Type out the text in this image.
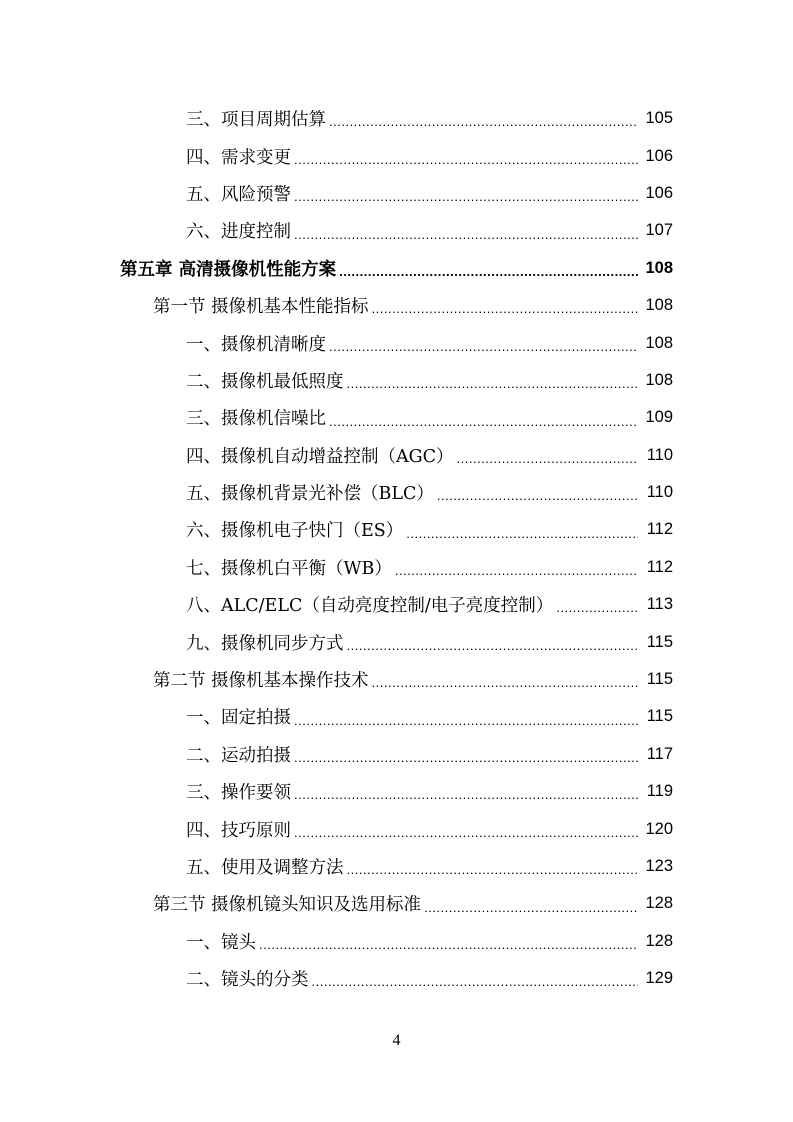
三、项目周期估算 .....	105
四、需求变更 .....	106
五、风险预警 .....	106
六、进度控制 .....	107
第五章 高清摄像机性能方案 .....	108
第一节 摄像机基本性能指标 .....	108
一、摄像机清晰度 .....	108
二、摄像机最低照度 .....	108
三、摄像机信噪比 .....	109
四、摄像机自动增益控制（AGC） .....	110
五、摄像机背景光补偿（BLC） .....	110
六、摄像机电子快门（ES） .....	112
七、摄像机白平衡（WB） .....	112
八、ALC/ELC（自动亮度控制/电子亮度控制） .....	113
九、摄像机同步方式 .....	115
第二节 摄像机基本操作技术 .....	115
一、固定拍摄 .....	115
二、运动拍摄 .....	117
三、操作要领 .....	119
四、技巧原则 .....	120
五、使用及调整方法 .....	123
第三节 摄像机镜头知识及选用标准 .....	128
一、镜头 .....	128
二、镜头的分类 .....	129
4
